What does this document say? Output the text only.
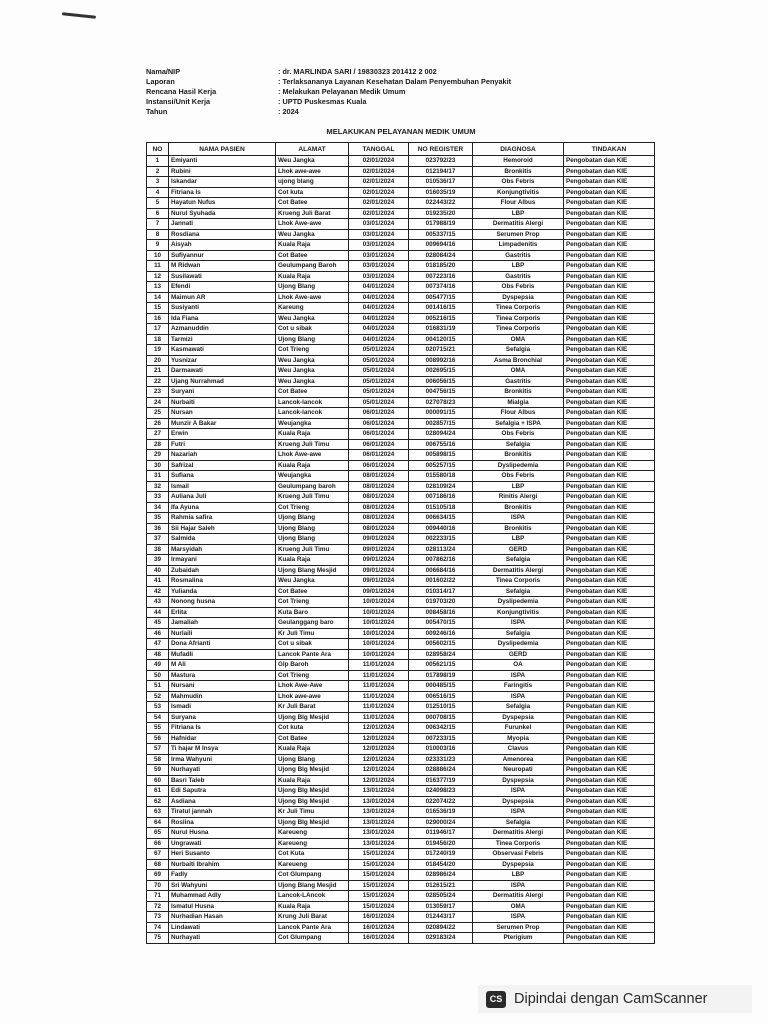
Nama/NIP	: dr. MARLINDA SARI / 19830323 201412 2 002
Laporan	: Terlaksananya Layanan Kesehatan Dalam Penyembuhan Penyakit
Rencana Hasil Kerja	: Melakukan Pelayanan Medik Umum
Instansi/Unit Kerja	: UPTD Puskesmas Kuala
Tahun	: 2024
MELAKUKAN PELAYANAN MEDIK UMUM
NO	NAMA PASIEN	ALAMAT	TANGGAL	NO REGISTER	DIAGNOSA	TINDAKAN
1	Emiyanti	Weu Jangka	02/01/2024	023792/23	Hemoroid	Pengobatan dan KIE
2	Rubini	Lhok awe-awe	02/01/2024	012194/17	Bronkitis	Pengobatan dan KIE
3	Iskandar	ujong blang	02/01/2024	010536/17	Obs Febris	Pengobatan dan KIE
4	Fitriana Is	Cot kuta	02/01/2024	016035/19	Konjungtivitis	Pengobatan dan KIE
5	Hayatun Nufus	Cot Batee	02/01/2024	022443/22	Flour Albus	Pengobatan dan KIE
6	Nurul Syuhada	Krueng Juli Barat	02/01/2024	019235/20	LBP	Pengobatan dan KIE
7	Jannati	Lhok Awe-awe	03/01/2024	017988/19	Dermatitis Alergi	Pengobatan dan KIE
8	Rosdiana	Weu Jangka	03/01/2024	005337/15	Serumen Prop	Pengobatan dan KIE
9	Aisyah	Kuala Raja	03/01/2024	009694/16	Limpadenitis	Pengobatan dan KIE
10	Sufiyannur	Cot Batee	03/01/2024	028084/24	Gastritis	Pengobatan dan KIE
11	M Ridwan	Geulumpang Baroh	03/01/2024	018185/20	LBP	Pengobatan dan KIE
12	Susilawati	Kuala Raja	03/01/2024	007223/16	Gastritis	Pengobatan dan KIE
13	Efendi	Ujong Blang	04/01/2024	007374/16	Obs Febris	Pengobatan dan KIE
14	Maimun AR	Lhok Awe-awe	04/01/2024	005477/15	Dyspepsia	Pengobatan dan KIE
15	Susiyanti	Kareung	04/01/2024	001416/15	Tinea Corporis	Pengobatan dan KIE
16	Ida Fiana	Weu Jangka	04/01/2024	005216/15	Tinea Corporis	Pengobatan dan KIE
17	Azmanuddin	Cot u sibak	04/01/2024	016831/19	Tinea Corporis	Pengobatan dan KIE
18	Tarmizi	Ujong Blang	04/01/2024	004120/15	OMA	Pengobatan dan KIE
19	Kasmawati	Cot Trieng	05/01/2024	020715/21	Sefalgia	Pengobatan dan KIE
20	Yusnizar	Weu Jangka	05/01/2024	008992/16	Asma Bronchial	Pengobatan dan KIE
21	Darmawati	Weu Jangka	05/01/2024	002695/15	OMA	Pengobatan dan KIE
22	Ujang Nurrahmad	Weu Jangka	05/01/2024	006056/15	Gastritis	Pengobatan dan KIE
23	Suryani	Cot Batee	05/01/2024	004756/15	Bronkitis	Pengobatan dan KIE
24	Nurbaiti	Lancok-lancok	05/01/2024	027078/23	Mialgia	Pengobatan dan KIE
25	Nursan	Lancok-lancok	06/01/2024	000091/15	Flour Albus	Pengobatan dan KIE
26	Munzir A Bakar	Weujangka	06/01/2024	002857/15	Sefalgia + ISPA	Pengobatan dan KIE
27	Erwin	Kuala Raja	06/01/2024	028094/24	Obs Febris	Pengobatan dan KIE
28	Futri	Krueng Juli Timu	06/01/2024	006755/16	Sefalgia	Pengobatan dan KIE
29	Nazariah	Lhok Awe-awe	06/01/2024	005898/15	Bronkitis	Pengobatan dan KIE
30	Safrizal	Kuala Raja	06/01/2024	005257/15	Dyslipedemia	Pengobatan dan KIE
31	Sufiana	Weujangka	08/01/2024	015580/18	Obs Febris	Pengobatan dan KIE
32	Ismail	Geulumpang baroh	08/01/2024	028109/24	LBP	Pengobatan dan KIE
33	Auliana Juli	Krueng Juli Timu	08/01/2024	007186/16	Rinitis Alergi	Pengobatan dan KIE
34	Ifa Ayuna	Cot Trieng	08/01/2024	015105/18	Bronkitis	Pengobatan dan KIE
35	Rahmia safira	Ujong Blang	08/01/2024	006634/15	ISPA	Pengobatan dan KIE
36	Sii Hajar Saleh	Ujong Blang	08/01/2024	009440/16	Bronkitis	Pengobatan dan KIE
37	Salmida	Ujong Blang	09/01/2024	002233/15	LBP	Pengobatan dan KIE
38	Marsyidah	Krueng Juli Timu	09/01/2024	028113/24	GERD	Pengobatan dan KIE
39	Irmayani	Kuala Raja	09/01/2024	007862/16	Sefalgia	Pengobatan dan KIE
40	Zubaidah	Ujong Blang Mesjid	09/01/2024	006684/16	Dermatitis Alergi	Pengobatan dan KIE
41	Rosmalina	Weu Jangka	09/01/2024	001602/22	Tinea Corporis	Pengobatan dan KIE
42	Yulianda	Cot Batee	09/01/2024	010314/17	Sefalgia	Pengobatan dan KIE
43	Nonong husna	Cot Trieng	10/01/2024	019703/20	Dyslipedemia	Pengobatan dan KIE
44	Erlita	Kuta Baro	10/01/2024	008458/16	Konjungtivitis	Pengobatan dan KIE
45	Jamaliah	Geulanggang baro	10/01/2024	005470/15	ISPA	Pengobatan dan KIE
46	Nurlaili	Kr Juli Timu	10/01/2024	009246/16	Sefalgia	Pengobatan dan KIE
47	Dona Afrianti	Cot u sibak	10/01/2024	005602/15	Dyslipedemia	Pengobatan dan KIE
48	Mufadli	Lancok Pante Ara	10/01/2024	028958/24	GERD	Pengobatan dan KIE
49	M Ali	Glp Baroh	11/01/2024	005621/15	OA	Pengobatan dan KIE
50	Mastura	Cot Trieng	11/01/2024	017898/19	ISPA	Pengobatan dan KIE
51	Nursani	Lhok Awe-Awe	11/01/2024	000485/15	Faringitis	Pengobatan dan KIE
52	Mahmudin	Lhok awe-awe	11/01/2024	006516/15	ISPA	Pengobatan dan KIE
53	Ismadi	Kr Juli Barat	11/01/2024	012510/15	Sefalgia	Pengobatan dan KIE
54	Suryana	Ujong Blg Mesjid	11/01/2024	000708/15	Dyspepsia	Pengobatan dan KIE
55	Fitriana Is	Cot kuta	12/01/2024	006342/15	Furunkel	Pengobatan dan KIE
56	Hafnidar	Cot Batee	12/01/2024	007233/15	Myopia	Pengobatan dan KIE
57	Ti hajar M Insya	Kuala Raja	12/01/2024	010003/16	Clavus	Pengobatan dan KIE
58	Irma Wahyuni	Ujong Blang	12/01/2024	023331/23	Amenorea	Pengobatan dan KIE
59	Nurhayati	Ujong Blg Mesjid	12/01/2024	028886/24	Neuropati	Pengobatan dan KIE
60	Basri Taleb	Kuala Raja	12/01/2024	016377/19	Dyspepsia	Pengobatan dan KIE
61	Edi Saputra	Ujong Blg Mesjid	13/01/2024	024098/23	ISPA	Pengobatan dan KIE
62	Asdiana	Ujong Blg Mesjid	13/01/2024	022074/22	Dyspepsia	Pengobatan dan KIE
63	Tiratul jannah	Kr Juli Timu	13/01/2024	016536/19	ISPA	Pengobatan dan KIE
64	Roslina	Ujong Blg Mesjid	13/01/2024	029000/24	Sefalgia	Pengobatan dan KIE
65	Nurul Husna	Kareueng	13/01/2024	011946/17	Dermatitis Alergi	Pengobatan dan KIE
66	Ungrawati	Kareueng	13/01/2024	019456/20	Tinea Corporis	Pengobatan dan KIE
67	Heri Susanto	Cot Kuta	15/01/2024	017240/19	Observasi Febris	Pengobatan dan KIE
68	Nurbaiti Ibrahim	Kareueng	15/01/2024	018454/20	Dyspepsia	Pengobatan dan KIE
69	Fadly	Cot Glumpang	15/01/2024	028986/24	LBP	Pengobatan dan KIE
70	Sri Wahyuni	Ujong Blang Mesjid	15/01/2024	012615/21	ISPA	Pengobatan dan KIE
71	Muhammad Adly	Lancok-LAncok	15/01/2024	028505/24	Dermatitis Alergi	Pengobatan dan KIE
72	Ismatul Husna	Kuala Raja	15/01/2024	013059/17	OMA	Pengobatan dan KIE
73	Nurhadian Hasan	Krung Juli Barat	16/01/2024	012443/17	ISPA	Pengobatan dan KIE
74	Lindawati	Lancok Pante Ara	16/01/2024	020894/22	Serumen Prop	Pengobatan dan KIE
75	Nurhayati	Cot Glumpang	16/01/2024	029183/24	Pterigium	Pengobatan dan KIE
CS Dipindai dengan CamScanner
